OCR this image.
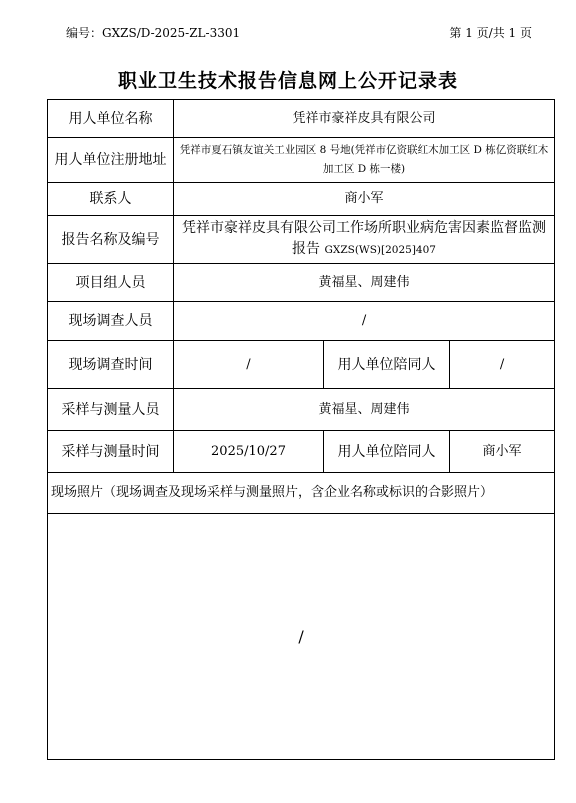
编号：GXZS/D-2025-ZL-3301	第 1 页/共 1 页
职业卫生技术报告信息网上公开记录表
用人单位名称	凭祥市豪祥皮具有限公司		
用人单位注册地址	凭祥市夏石镇友谊关工业园区 8 号地(凭祥市亿资联红木加工区 D 栋亿资联红木加工区 D 栋一楼)		
联系人	商小军		
报告名称及编号	凭祥市豪祥皮具有限公司工作场所职业病危害因素监督监测报告 GXZS(WS)[2025]407		
项目组人员	黄福星、周建伟		
现场调查人员	/		
现场调查时间	/	用人单位陪同人	/
采样与测量人员	黄福星、周建伟		
采样与测量时间	2025/10/27	用人单位陪同人	商小军
现场照片（现场调查及现场采样与测量照片，含企业名称或标识的合影照片）			
/			
